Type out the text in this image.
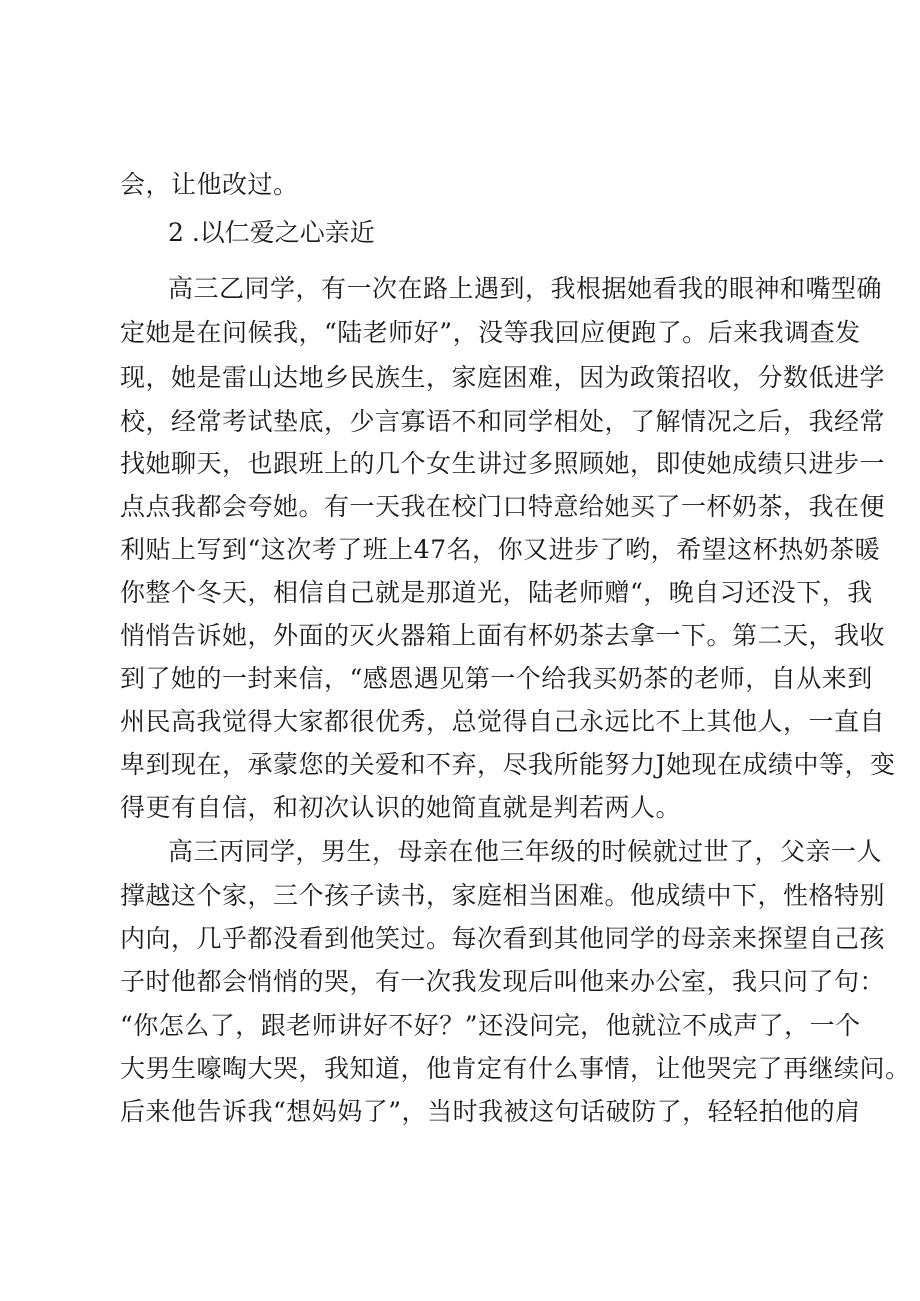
会，让他改过。
2 .以仁爱之心亲近
高三乙同学，有一次在路上遇到，我根据她看我的眼神和嘴型确
定她是在问候我，“陆老师好”，没等我回应便跑了。后来我调查发
现，她是雷山达地乡民族生，家庭困难，因为政策招收，分数低进学
校，经常考试垫底，少言寡语不和同学相处，了解情况之后，我经常
找她聊天，也跟班上的几个女生讲过多照顾她，即使她成绩只进步一
点点我都会夸她。有一天我在校门口特意给她买了一杯奶茶，我在便
利贴上写到“这次考了班上47名，你又进步了哟，希望这杯热奶茶暖
你整个冬天，相信自己就是那道光，陆老师赠“，晚自习还没下，我
悄悄告诉她，外面的灭火器箱上面有杯奶茶去拿一下。第二天，我收
到了她的一封来信，“感恩遇见第一个给我买奶茶的老师，自从来到
州民高我觉得大家都很优秀，总觉得自己永远比不上其他人，一直自
卑到现在，承蒙您的关爱和不弃，尽我所能努力J她现在成绩中等，变
得更有自信，和初次认识的她简直就是判若两人。
高三丙同学，男生，母亲在他三年级的时候就过世了，父亲一人
撑越这个家，三个孩子读书，家庭相当困难。他成绩中下，性格特别
内向，几乎都没看到他笑过。每次看到其他同学的母亲来探望自己孩
子时他都会悄悄的哭，有一次我发现后叫他来办公室，我只问了句：
“你怎么了，跟老师讲好不好？”还没问完，他就泣不成声了，一个
大男生嚎啕大哭，我知道，他肯定有什么事情，让他哭完了再继续问。
后来他告诉我“想妈妈了”，当时我被这句话破防了，轻轻拍他的肩
